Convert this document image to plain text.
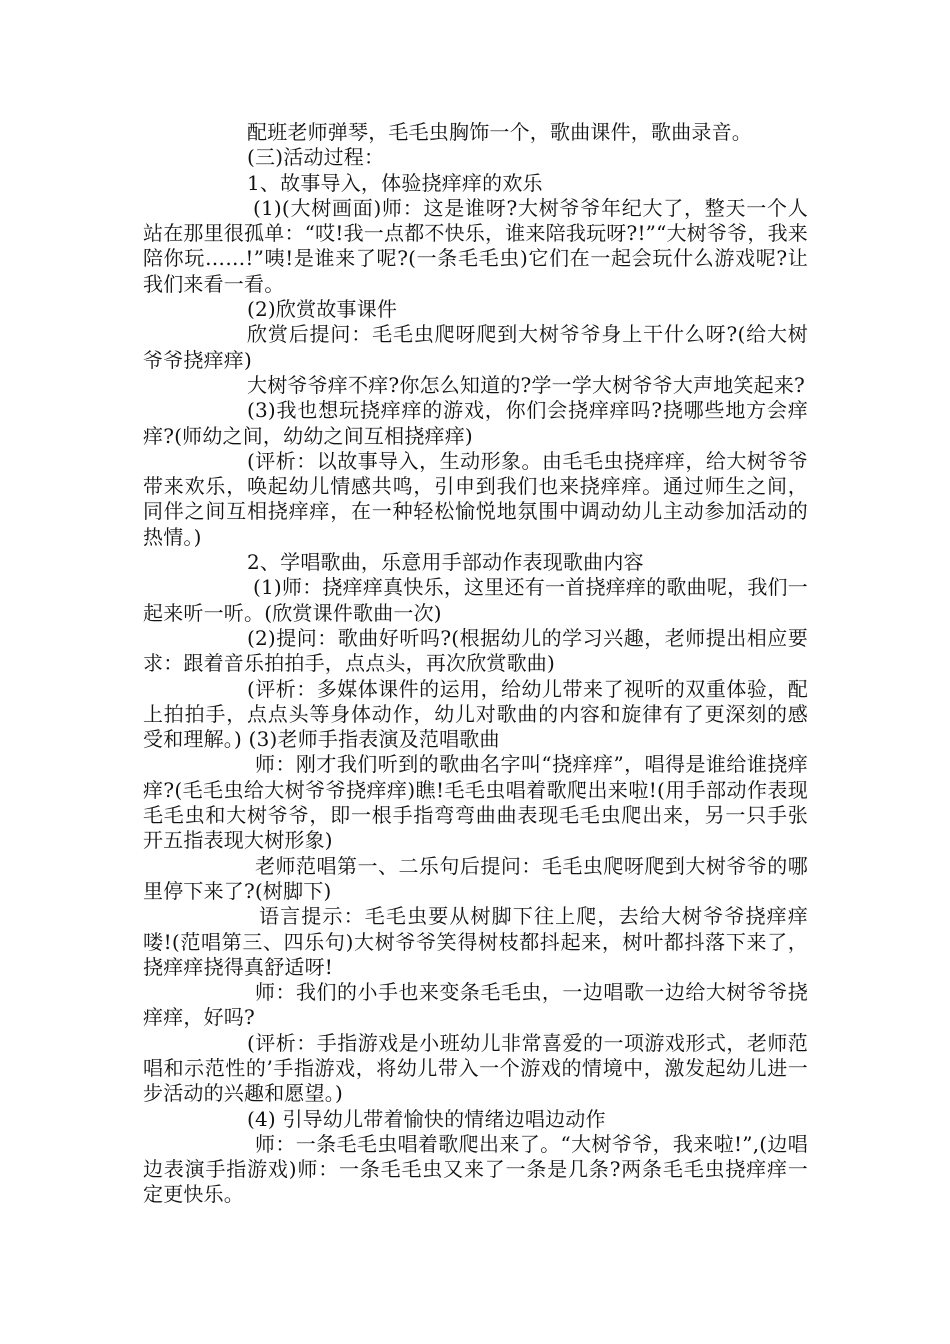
配班老师弹琴，毛毛虫胸饰一个，歌曲课件，歌曲录音。

(三)活动过程：

1、故事导入，体验挠痒痒的欢乐

(1)(大树画面)师：这是谁呀?大树爷爷年纪大了，整天一个人站在那里很孤单：“哎!我一点都不快乐，谁来陪我玩呀?!”“大树爷爷，我来陪你玩……!”咦!是谁来了呢?(一条毛毛虫)它们在一起会玩什么游戏呢?让我们来看一看。

(2)欣赏故事课件

欣赏后提问：毛毛虫爬呀爬到大树爷爷身上干什么呀?(给大树爷爷挠痒痒)

大树爷爷痒不痒?你怎么知道的?学一学大树爷爷大声地笑起来?

(3)我也想玩挠痒痒的游戏，你们会挠痒痒吗?挠哪些地方会痒痒?(师幼之间，幼幼之间互相挠痒痒)

(评析：以故事导入，生动形象。由毛毛虫挠痒痒，给大树爷爷带来欢乐，唤起幼儿情感共鸣，引申到我们也来挠痒痒。通过师生之间，同伴之间互相挠痒痒，在一种轻松愉悦地氛围中调动幼儿主动参加活动的热情。)

2、学唱歌曲，乐意用手部动作表现歌曲内容

(1)师：挠痒痒真快乐，这里还有一首挠痒痒的歌曲呢，我们一起来听一听。(欣赏课件歌曲一次)

(2)提问：歌曲好听吗?(根据幼儿的学习兴趣，老师提出相应要求：跟着音乐拍拍手，点点头，再次欣赏歌曲)

(评析：多媒体课件的运用，给幼儿带来了视听的双重体验，配上拍拍手，点点头等身体动作，幼儿对歌曲的内容和旋律有了更深刻的感受和理解。) (3)老师手指表演及范唱歌曲

师：刚才我们听到的歌曲名字叫“挠痒痒”，唱得是谁给谁挠痒痒?(毛毛虫给大树爷爷挠痒痒)瞧!毛毛虫唱着歌爬出来啦!(用手部动作表现毛毛虫和大树爷爷，即一根手指弯弯曲曲表现毛毛虫爬出来，另一只手张开五指表现大树形象)

老师范唱第一、二乐句后提问：毛毛虫爬呀爬到大树爷爷的哪里停下来了?(树脚下)

语言提示：毛毛虫要从树脚下往上爬，去给大树爷爷挠痒痒喽!(范唱第三、四乐句)大树爷爷笑得树枝都抖起来，树叶都抖落下来了，挠痒痒挠得真舒适呀!

师：我们的小手也来变条毛毛虫，一边唱歌一边给大树爷爷挠痒痒，好吗?

(评析：手指游戏是小班幼儿非常喜爱的一项游戏形式，老师范唱和示范性的’手指游戏，将幼儿带入一个游戏的情境中，激发起幼儿进一步活动的兴趣和愿望。)

(4) 引导幼儿带着愉快的情绪边唱边动作

师：一条毛毛虫唱着歌爬出来了。“大树爷爷，我来啦!”,(边唱边表演手指游戏)师：一条毛毛虫又来了一条是几条?两条毛毛虫挠痒痒一定更快乐。
